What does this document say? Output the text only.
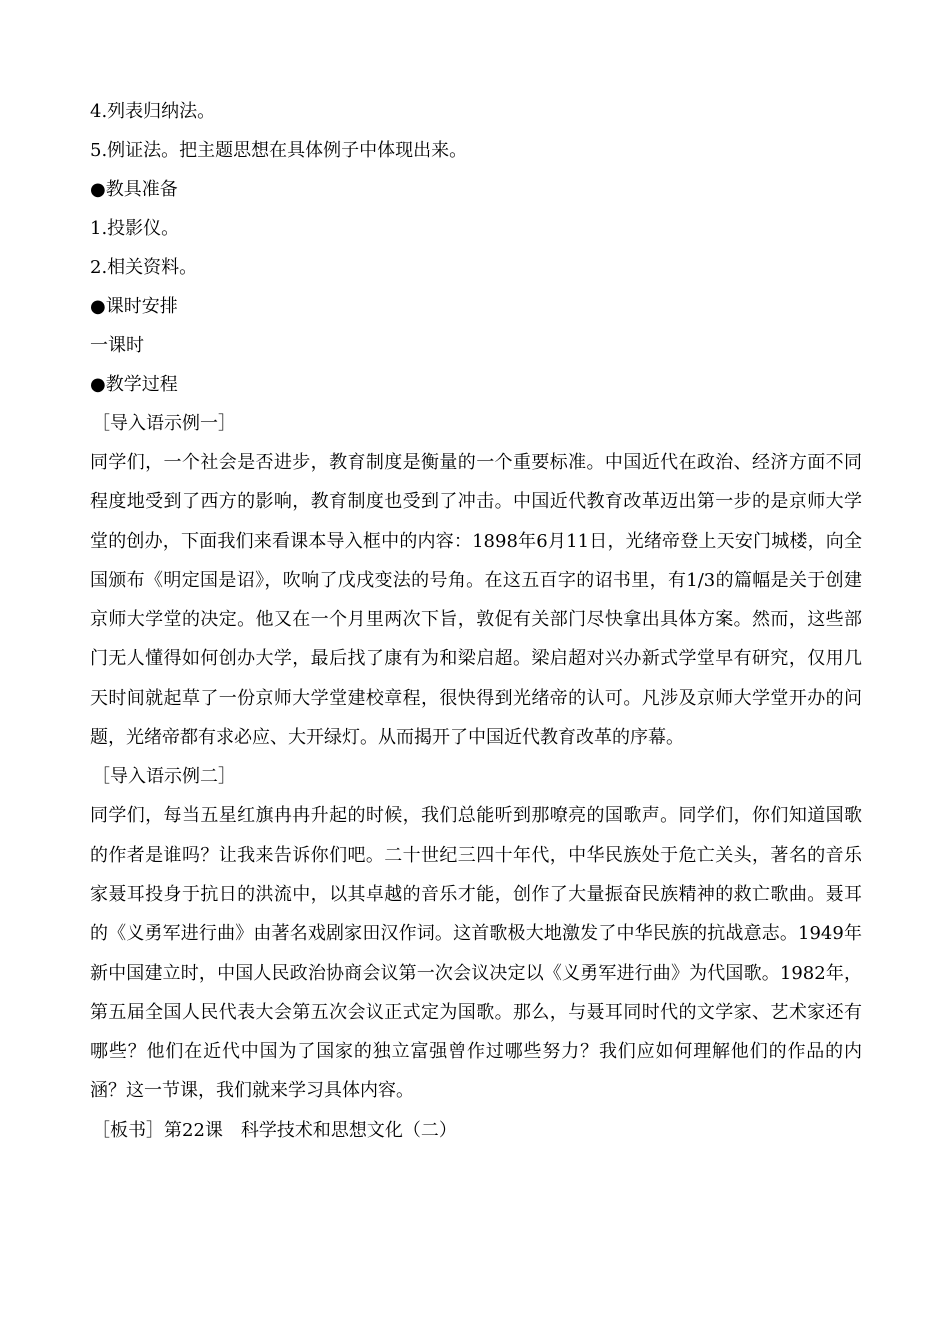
4.列表归纳法。
5.例证法。把主题思想在具体例子中体现出来。
●教具准备
1.投影仪。
2.相关资料。
●课时安排
一课时
●教学过程
［导入语示例一］

同学们，一个社会是否进步，教育制度是衡量的一个重要标准。中国近代在政治、经济方面不同程度地受到了西方的影响，教育制度也受到了冲击。中国近代教育改革迈出第一步的是京师大学堂的创办，下面我们来看课本导入框中的内容：1898年6月11日，光绪帝登上天安门城楼，向全国颁布《明定国是诏》，吹响了戊戌变法的号角。在这五百字的诏书里，有1/3的篇幅是关于创建京师大学堂的决定。他又在一个月里两次下旨，敦促有关部门尽快拿出具体方案。然而，这些部门无人懂得如何创办大学，最后找了康有为和梁启超。梁启超对兴办新式学堂早有研究，仅用几天时间就起草了一份京师大学堂建校章程，很快得到光绪帝的认可。凡涉及京师大学堂开办的问题，光绪帝都有求必应、大开绿灯。从而揭开了中国近代教育改革的序幕。

［导入语示例二］

同学们，每当五星红旗冉冉升起的时候，我们总能听到那嘹亮的国歌声。同学们，你们知道国歌的作者是谁吗？让我来告诉你们吧。二十世纪三四十年代，中华民族处于危亡关头，著名的音乐家聂耳投身于抗日的洪流中，以其卓越的音乐才能，创作了大量振奋民族精神的救亡歌曲。聂耳的《义勇军进行曲》由著名戏剧家田汉作词。这首歌极大地激发了中华民族的抗战意志。1949年新中国建立时，中国人民政治协商会议第一次会议决定以《义勇军进行曲》为代国歌。1982年，第五届全国人民代表大会第五次会议正式定为国歌。那么，与聂耳同时代的文学家、艺术家还有哪些？他们在近代中国为了国家的独立富强曾作过哪些努力？我们应如何理解他们的作品的内涵？这一节课，我们就来学习具体内容。

［板书］第22课　科学技术和思想文化（二）
